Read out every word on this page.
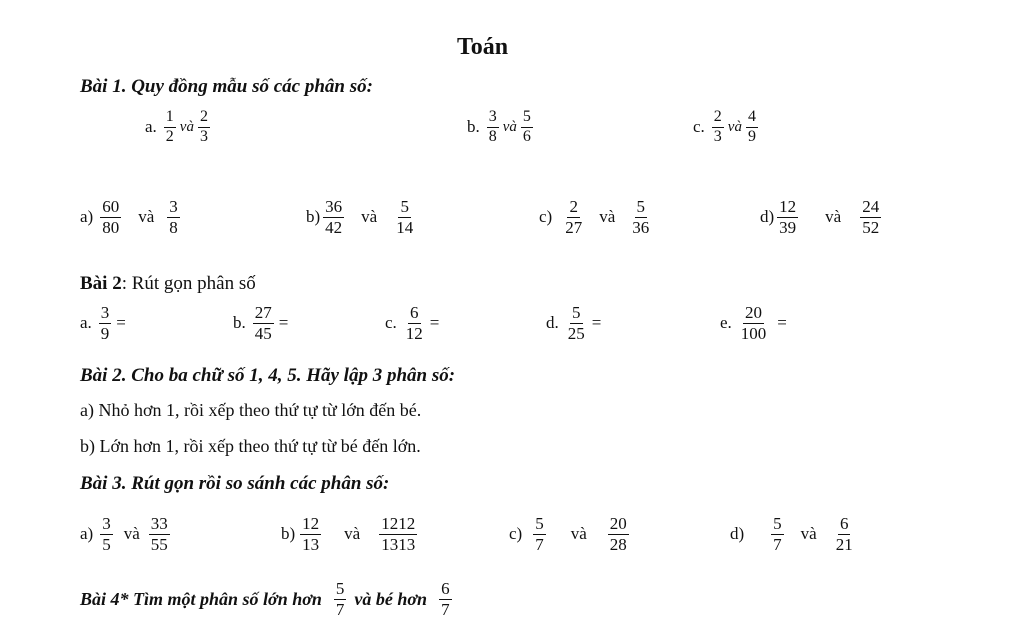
Toán
Bài 1. Quy đồng mẫu số các phân số:
a. $\frac{1}{2}$ và $\frac{2}{3}$	b. $\frac{3}{8}$ và $\frac{5}{6}$	c. $\frac{2}{3}$ và $\frac{4}{9}$
$a) \frac{60}{80}$ và $\frac{3}{8}$	$b) \frac{36}{42}$ và $\frac{5}{14}$	$c) \frac{2}{27}$ và $\frac{5}{36}$	$d) \frac{12}{39}$ và $\frac{24}{52}$
Bài 2: Rút gọn phân số
a. $\frac{3}{9}$ =	b. $\frac{27}{45}$ =	c. $\frac{6}{12}$ =	d. $\frac{5}{25}$ =	e. $\frac{20}{100}$ =
Bài 2. Cho ba chữ số 1, 4, 5. Hãy lập 3 phân số:
a) Nhỏ hơn 1, rồi xếp theo thứ tự từ lớn đến bé.
b) Lớn hơn 1, rồi xếp theo thứ tự từ bé đến lớn.
Bài 3. Rút gọn rồi so sánh các phân số:
$a) \frac{3}{5}$ và $\frac{33}{55}$	$b) \frac{12}{13}$ và $\frac{1212}{1313}$	$c) \frac{5}{7}$ và $\frac{20}{28}$	$d) \frac{5}{7}$ và $\frac{6}{21}$
Bài 4* Tìm một phân số lớn hơn $\frac{5}{7}$ và bé hơn $\frac{6}{7}$
